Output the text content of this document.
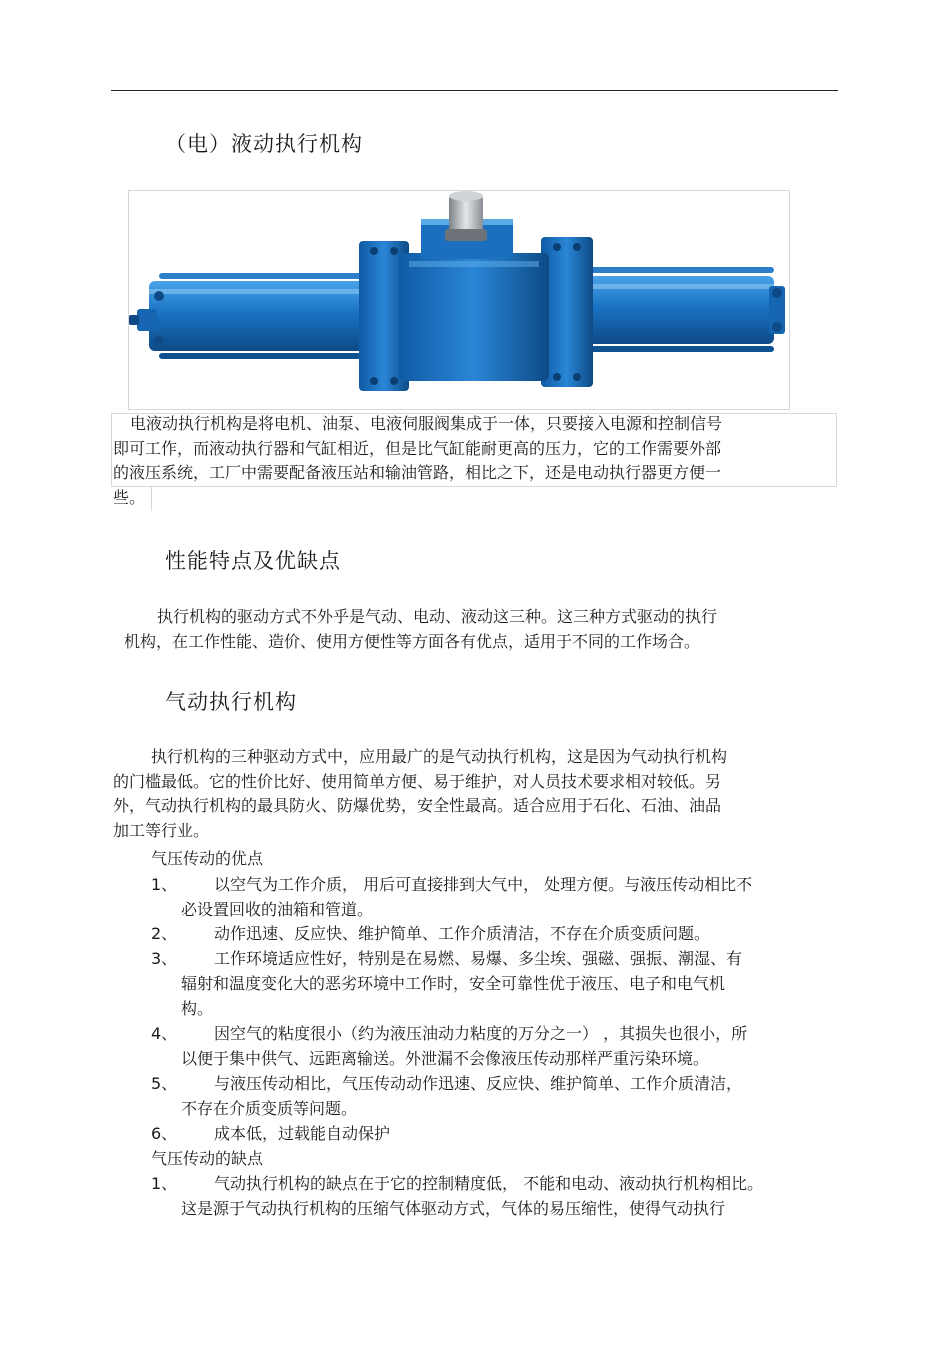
（电）液动执行机构
电液动执行机构是将电机、油泵、电液伺服阀集成于一体，只要接入电源和控制信号
即可工作，而液动执行器和气缸相近，但是比气缸能耐更高的压力，它的工作需要外部
的液压系统，工厂中需要配备液压站和输油管路，相比之下，还是电动执行器更方便一
些。
性能特点及优缺点
执行机构的驱动方式不外乎是气动、电动、液动这三种。这三种方式驱动的执行
机构，在工作性能、造价、使用方便性等方面各有优点，适用于不同的工作场合。
气动执行机构
执行机构的三种驱动方式中，应用最广的是气动执行机构，这是因为气动执行机构
的门槛最低。它的性价比好、使用简单方便、易于维护，对人员技术要求相对较低。另
外，气动执行机构的最具防火、防爆优势，安全性最高。适合应用于石化、石油、油品
加工等行业。
气压传动的优点
1、 以空气为工作介质， 用后可直接排到大气中， 处理方便。与液压传动相比不
必设置回收的油箱和管道。
2、 动作迅速、反应快、维护简单、工作介质清洁，不存在介质变质问题。
3、 工作环境适应性好，特别是在易燃、易爆、多尘埃、强磁、强振、潮湿、有
辐射和温度变化大的恶劣环境中工作时，安全可靠性优于液压、电子和电气机
构。
4、 因空气的粘度很小（约为液压油动力粘度的万分之一） ，其损失也很小，所
以便于集中供气、远距离输送。外泄漏不会像液压传动那样严重污染环境。
5、 与液压传动相比，气压传动动作迅速、反应快、维护简单、工作介质清洁，
不存在介质变质等问题。
6、 成本低，过载能自动保护
气压传动的缺点
1、 气动执行机构的缺点在于它的控制精度低， 不能和电动、液动执行机构相比。
这是源于气动执行机构的压缩气体驱动方式，气体的易压缩性，使得气动执行
